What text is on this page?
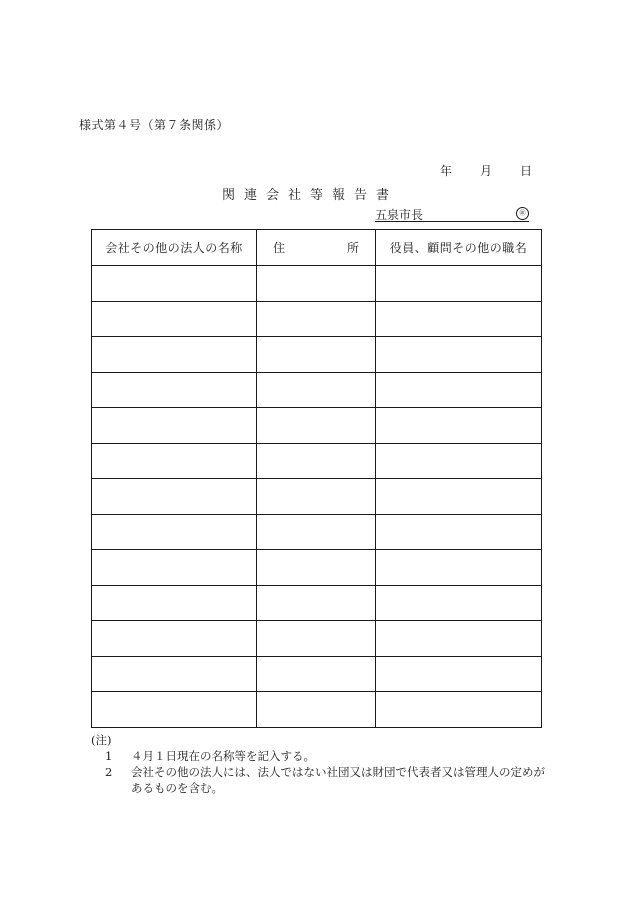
様式第４号（第７条関係）
年 月 日
関連会社等報告書
五泉市長	㊞
会社その他の法人の名称	住 所	役員、顧問その他の職名

(注)
1 ４月１日現在の名称等を記入する。
2 会社その他の法人には、法人ではない社団又は財団で代表者又は管理人の定めが
あるものを含む。
